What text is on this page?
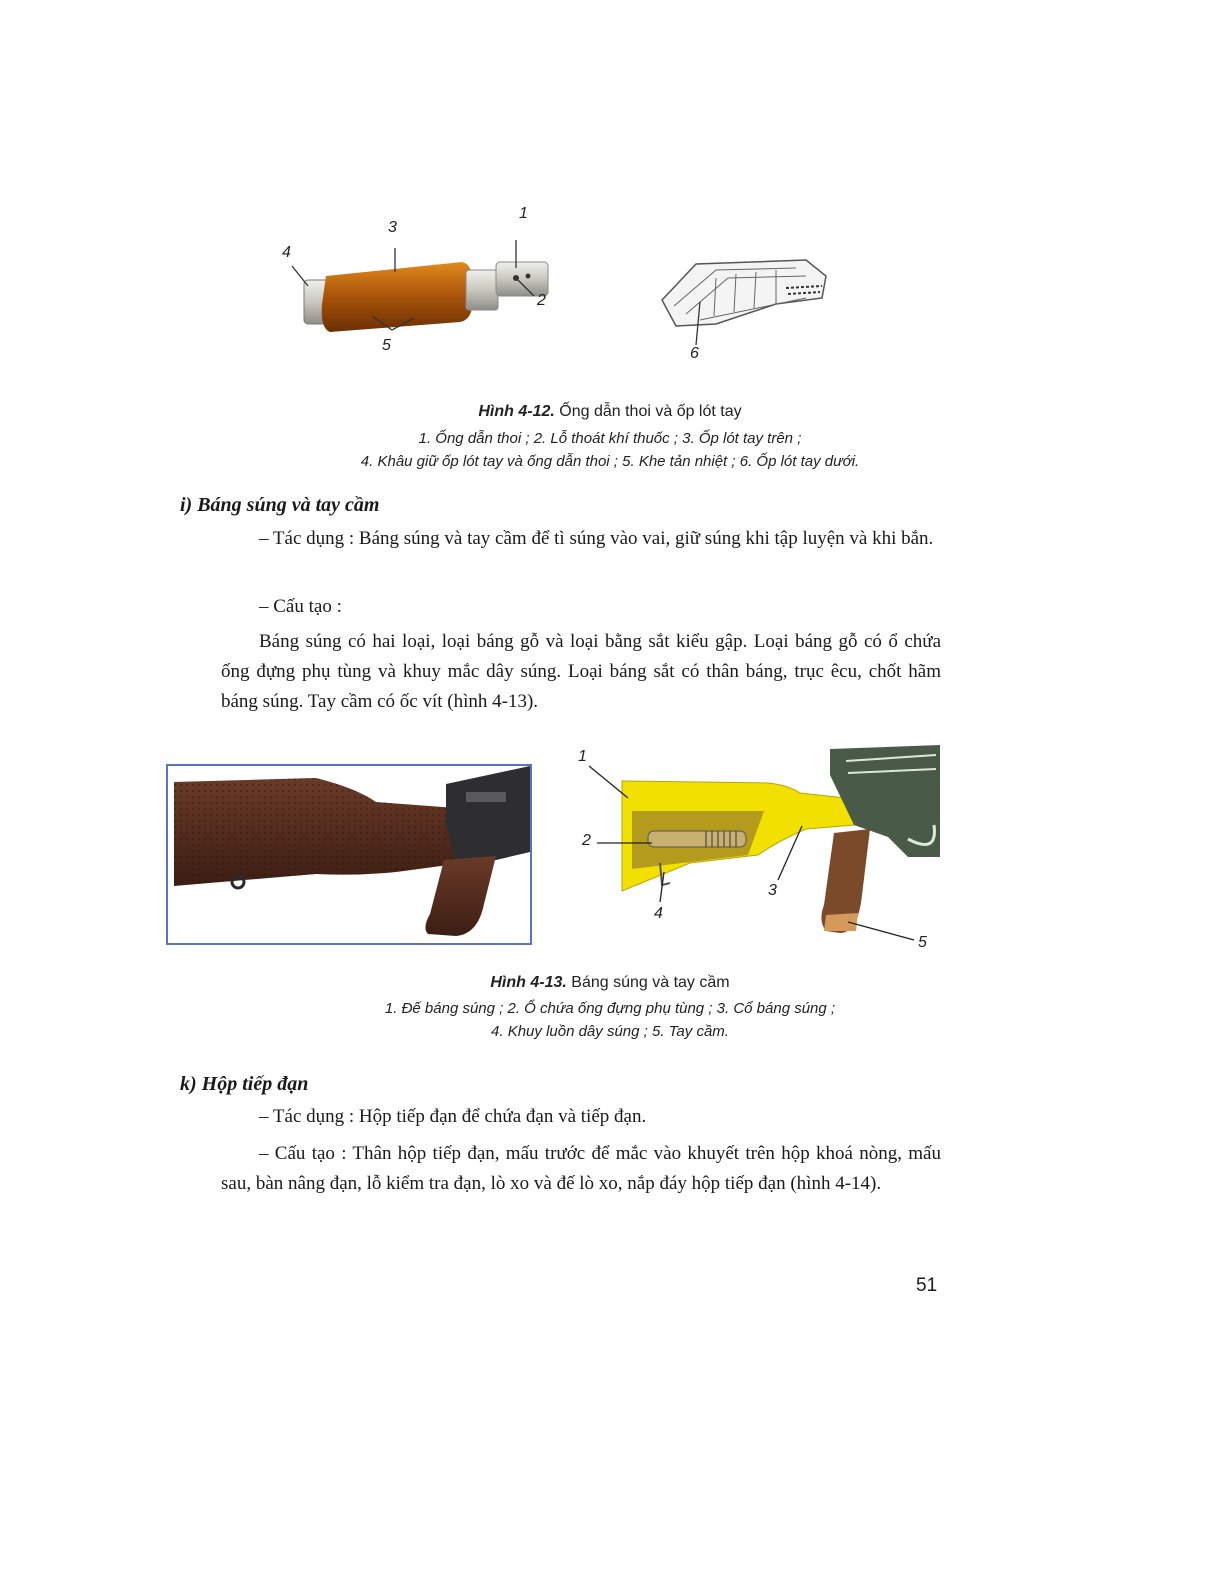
1
3
4
2
5	6
Hình 4-12. Ống dẫn thoi và ốp lót tay
1. Ống dẫn thoi ; 2. Lỗ thoát khí thuốc ; 3. Ốp lót tay trên ;
4. Khâu giữ ốp lót tay và ống dẫn thoi ; 5. Khe tản nhiệt ; 6. Ốp lót tay dưới.
i) Báng súng và tay cầm
– Tác dụng : Báng súng và tay cầm để tì súng vào vai, giữ súng khi tập luyện và khi bắn.
– Cấu tạo :
Báng súng có hai loại, loại báng gỗ và loại bằng sắt kiểu gập. Loại báng gỗ có ổ chứa ống đựng phụ tùng và khuy mắc dây súng. Loại báng sắt có thân báng, trục êcu, chốt hãm báng súng. Tay cầm có ốc vít (hình 4-13).
1
2
3
4
5
Hình 4-13. Báng súng và tay cầm
1. Đế báng súng ; 2. Ổ chứa ống đựng phụ tùng ; 3. Cổ báng súng ;
4. Khuy luồn dây súng ; 5. Tay cầm.
k) Hộp tiếp đạn
– Tác dụng : Hộp tiếp đạn để chứa đạn và tiếp đạn.
– Cấu tạo : Thân hộp tiếp đạn, mấu trước để mắc vào khuyết trên hộp khoá nòng, mấu sau, bàn nâng đạn, lỗ kiểm tra đạn, lò xo và đế lò xo, nắp đáy hộp tiếp đạn (hình 4-14).
51
